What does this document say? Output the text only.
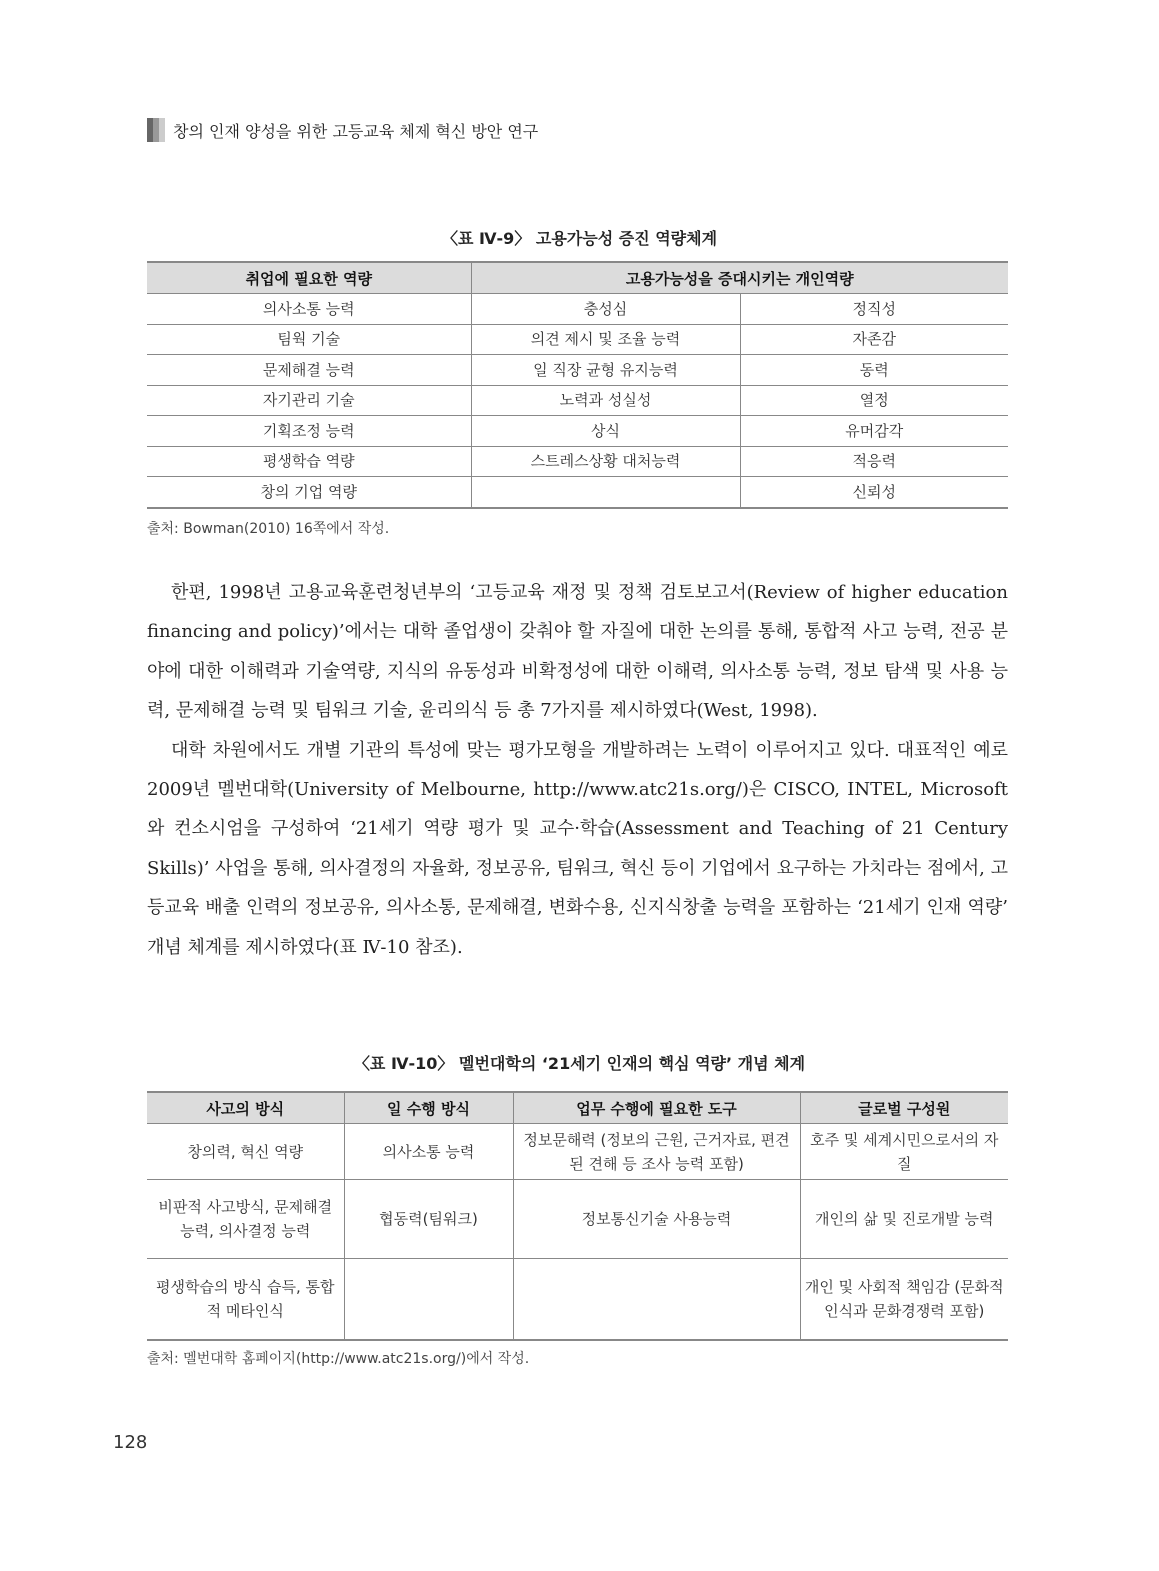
창의 인재 양성을 위한 고등교육 체제 혁신 방안 연구
〈표 Ⅳ-9〉 고용가능성 증진 역량체계
취업에 필요한 역량	고용가능성을 증대시키는 개인역량	
의사소통 능력	충성심	정직성
팀웍 기술	의견 제시 및 조율 능력	자존감
문제해결 능력	일 직장 균형 유지능력	동력
자기관리 기술	노력과 성실성	열정
기획조정 능력	상식	유머감각
평생학습 역량	스트레스상황 대처능력	적응력
창의 기업 역량		신뢰성
출처: Bowman(2010) 16쪽에서 작성.

한편, 1998년 고용교육훈련청년부의 ‘고등교육 재정 및 정책 검토보고서(Review of higher education financing and policy)’에서는 대학 졸업생이 갖춰야 할 자질에 대한 논의를 통해, 통합적 사고 능력, 전공 분야에 대한 이해력과 기술역량, 지식의 유동성과 비확정성에 대한 이해력, 의사소통 능력, 정보 탐색 및 사용 능력, 문제해결 능력 및 팀워크 기술, 윤리의식 등 총 7가지를 제시하였다(West, 1998).

대학 차원에서도 개별 기관의 특성에 맞는 평가모형을 개발하려는 노력이 이루어지고 있다. 대표적인 예로 2009년 멜번대학(University of Melbourne, http://www.atc21s.org/)은 CISCO, INTEL, Microsoft와 컨소시엄을 구성하여 ‘21세기 역량 평가 및 교수·학습(Assessment and Teaching of 21 Century Skills)’ 사업을 통해, 의사결정의 자율화, 정보공유, 팀워크, 혁신 등이 기업에서 요구하는 가치라는 점에서, 고등교육 배출 인력의 정보공유, 의사소통, 문제해결, 변화수용, 신지식창출 능력을 포함하는 ‘21세기 인재 역량’ 개념 체계를 제시하였다(표 Ⅳ-10 참조).

〈표 Ⅳ-10〉 멜번대학의 ‘21세기 인재의 핵심 역량’ 개념 체계
사고의 방식	일 수행 방식	업무 수행에 필요한 도구	글로벌 구성원
창의력, 혁신 역량	의사소통 능력	정보문해력 (정보의 근원, 근거자료, 편견된 견해 등 조사 능력 포함)	호주 및 세계시민으로서의 자질
비판적 사고방식, 문제해결 능력, 의사결정 능력	협동력(팀워크)	정보통신기술 사용능력	개인의 삶 및 진로개발 능력
평생학습의 방식 습득, 통합적 메타인식			개인 및 사회적 책임감 (문화적 인식과 문화경쟁력 포함)
출처: 멜번대학 홈페이지(http://www.atc21s.org/)에서 작성.
128
